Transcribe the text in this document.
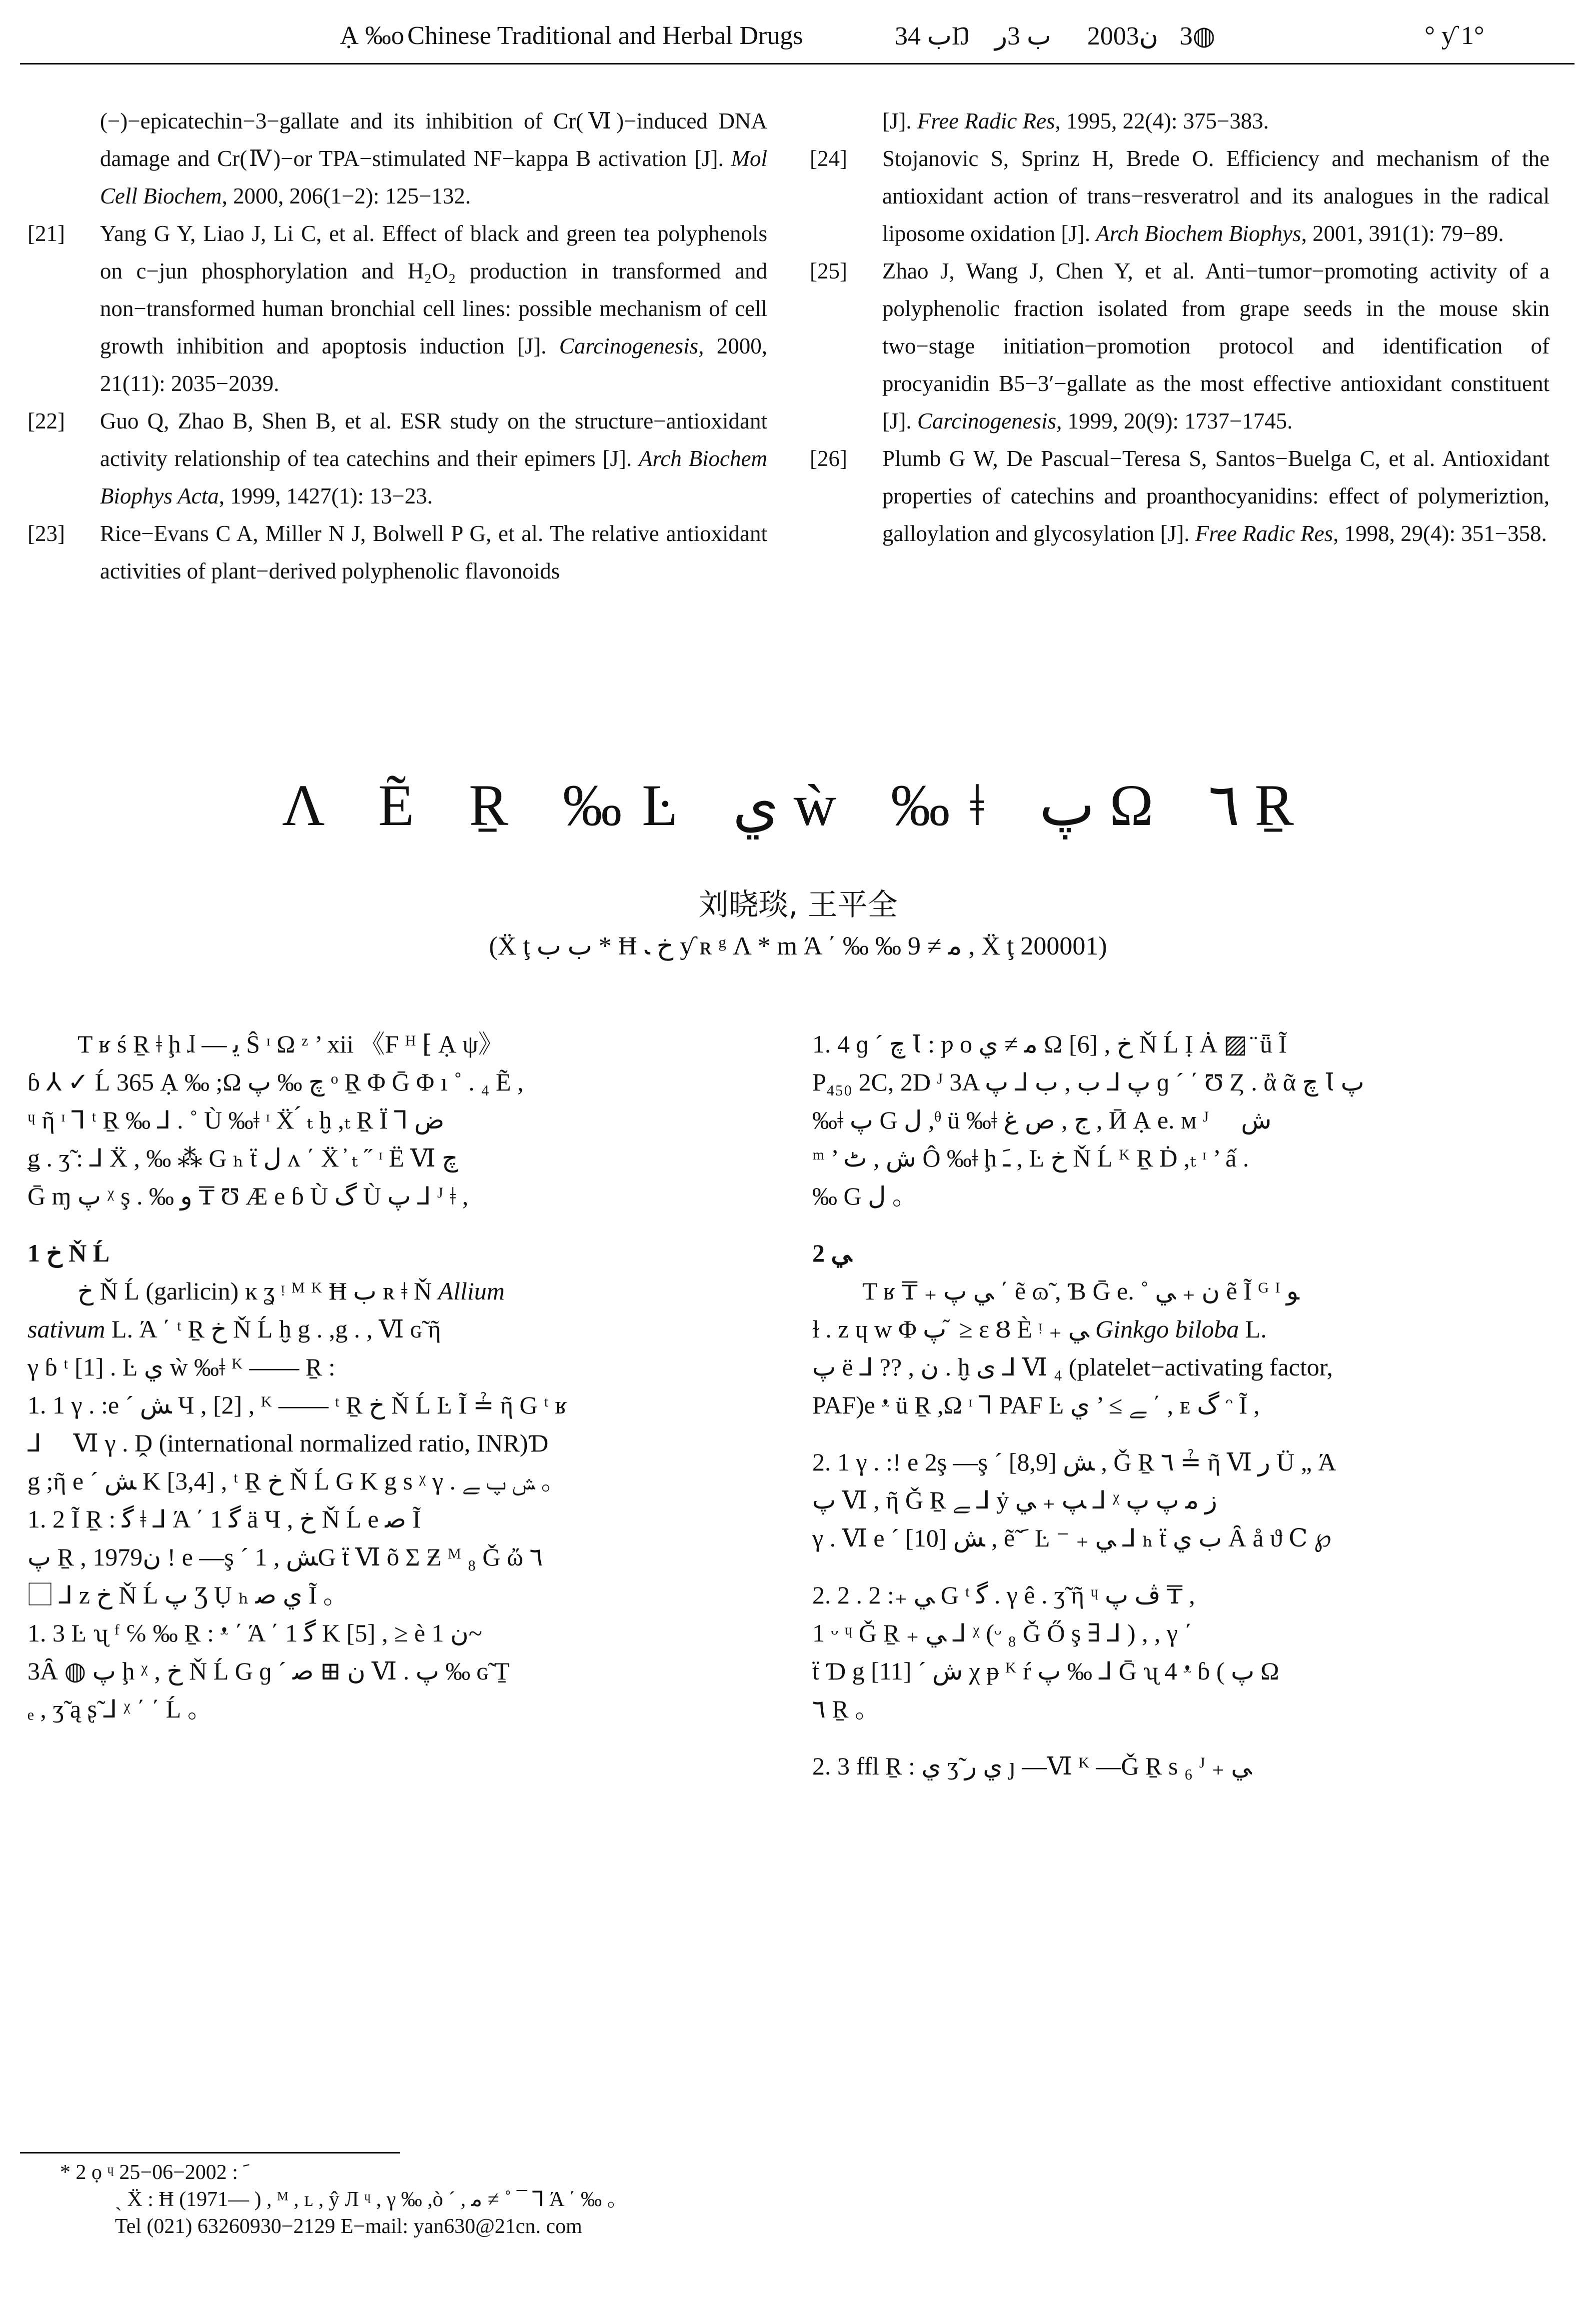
Ạ ‰o Chinese Traditional and Herbal Drugs	ب 34Ŋ ب 3ﺭ 2003ن 3◍	° ƴ 1°

(−)−epicatechin−3−gallate and its inhibition of Cr(Ⅵ)−induced DNA damage and Cr(Ⅳ)−or TPA−stimulated NF−kappa B activation [J]. Mol Cell Biochem, 2000, 206(1−2): 125−132.

[21] Yang G Y, Liao J, Li C, et al. Effect of black and green tea polyphenols on c−jun phosphorylation and H₂O₂ production in transformed and non−transformed human bronchial cell lines: possible mechanism of cell growth inhibition and apoptosis induction [J]. Carcinogenesis, 2000, 21(11): 2035−2039.

[22] Guo Q, Zhao B, Shen B, et al. ESR study on the structure−antioxidant activity relationship of tea catechins and their epimers [J]. Arch Biochem Biophys Acta, 1999, 1427(1): 13−23.

[23] Rice−Evans C A, Miller N J, Bolwell P G, et al. The relative antioxidant activities of plant−derived polyphenolic flavonoids

[J]. Free Radic Res, 1995, 22(4): 375−383.

[24] Stojanovic S, Sprinz H, Brede O. Efficiency and mechanism of the antioxidant action of trans−resveratrol and its analogues in the radical liposome oxidation [J]. Arch Biochem Biophys, 2001, 391(1): 79−89.

[25] Zhao J, Wang J, Chen Y, et al. Anti−tumor−promoting activity of a polyphenolic fraction isolated from grape seeds in the mouse skin two−stage initiation−promotion protocol and identification of procyanidin B5−3′−gallate as the most effective antioxidant constituent [J]. Carcinogenesis, 1999, 20(9): 1737−1745.

[26] Plumb G W, De Pascual−Teresa S, Santos−Buelga C, et al. Antioxidant properties of catechins and proanthocyanidins: effect of polymeriztion, galloylation and glycosylation [J]. Free Radic Res, 1998, 29(4): 351−358.

Λ Ẽ Ṟ ‰Ŀ ي ẁ ‰ǂ پ Ω ٦ Ṟ
刘晓琰, 王平全
(Ẍ ţ ﺏ ﺏ * Ħ ﺥ ﹳ ƴ ʀ ᵍ Λ * m Ά ΄ ‰ ‰ ﻣ ≠ 9 , Ẍ ţ 200001)

T ʁ ś Ṟ ǂ ḩ ɺ — ﯾ Ŝ ᶦ Ω ᶻ ’ xii 《Ϝ ᴴ ⁅ Ạ ψ》

ɓ ⅄ ✓ Ĺ 365 Ạ ‰ ;Ω ﭺ ‰ پ ᵒ Ṟ Φ Ḡ Φ ı ˚ . ₄ Ẽ ,

ᶣ ῆ ᶦ ⅂ ᵗ Ṟ ‰ ⅃ . ˚ Ù ‰ǂ ᶦ Ẍ ́ ₜ ḫ ,ₜ Ṟ Ï ⅂ ﺽ

ǥ . ʒ̃ : ⅃ Ẍ , ‰ ⁂ G ₕ ẗ ﻝ ʌ ΄ Ẍ ̓ ₜ ˝ ᶦ Ë Ⅵ ﭺ

Ḡ ɱ پ ᵡ ş . ‰ ﻭ ₸ Ʊ Æ e ɓ Ù ﮒ Ù پ ⅃ ᴶ ǂ ,

1 ﺥ Ň Ĺ

ﺥ Ň Ĺ (garlicin) ĸ ʓ ᵎ ᴹ ᴷ Ħ ﺏ ʀ ǂ Ň Allium

sativum L. Ά ΄ ᵗ Ṟ ﺥ Ň Ĺ ḫ g . ,g . , Ⅵ ɢ̃ ῆ

γ ɓ ᵗ [1] . Ŀ ي ẁ ‰ǂ ᴷ —— Ṟ :

1. 1 γ . :e ´ ﺶ Ч , [2] , ᴷ —— ᵗ Ṟ ﺥ Ň Ĺ Ŀ Ĩ ≟ ῆ G ᵗ ʁ

⅃ ⃞ Ⅵ γ . Ḓ (international normalized ratio, INR)Ɗ

g ;ῆ e ´ ﺶ K [3,4] , ᵗ Ṟ ﺥ Ň Ĺ G K g s ᵡ γ . ﺶ پ ﮯ 。

1. 2 Ĩ Ṟ : ﮔ ǂ ⅃ Ά ΄ 1 ﮔ ä Ч , ﺥ Ň Ĺ e ﺻ Ĩ

پ Ṟ , 1979ن ! e —ş ´ ﺶ , 1G ẗ Ⅵ õ Σ Ƶ ᴹ ₈ Ǧ ὤ ٦

⃞ ⅃ z ﺥ Ň Ĺ پ Ʒ Ụ ₕ ﻱ ﺻ Ĩ 。

1. 3 Ŀ ʯ ᶠ ℅ ‰ Ṟ : ᵜ ΄ Ά ΄ 1 ﮔ K [5] , ≥ è ﻥ 1~

3Ȃ ◍ پ ḩ ᵡ , ﺥ Ň Ĺ G ɡ ´ ﻥ ⊞ ﺻ Ⅵ . پ ‰ ɢ̃ Ṯ

ₑ , ʒ̃ ą ʂ̃ ⅃ ᵡ ΄ ΄ Ĺ 。

1. 4 ɡ ´ ﭺ Ꙇ : ƿ o ﻣ ≠ ﻱ Ω [6] , ﺥ Ň Ĺ Ị Ȧ ▨ ̈ ǖ Ĩ

P₄₅₀ 2C, 2D ᴶ 3A پ ⅃ ﺏ , ﺏ ⅃ پ ɡ ´ ΄ Ʊ Ȥ . ἂ ᾶ ﭺ Ꙇ پ

‰ǂ پ G ﻝ ,ᶿ ü ‰ǂ ﺝ , ﺹ ﻍ , Ӣ Ạ e. ᴍ ᴶ ⃞ ﺵ

ᵐ ’ ﺵ , ٹ Ô ‰ǂ ḩ ﹷ , Ŀ ﺥ Ň Ĺ ᴷ Ṟ Ḋ ,ₜ ᶦ ’ ấ .

‰ G ﻝ 。

2 ﻲ

T ʁ ₸ ₊ ﻲ پ ΄ ẽ ɷ̃ , Ɓ Ḡ e. ˚ ﻥ ₊ ﻲ ẽ Ĩ ᴳ ᴵ ﻮ

ɫ . z ɥ w Φ پ ᷉ ≥ ε Ȣ È ᵎ ₊ ﻲ Ginkgo biloba L.

پ ë ⅃ ?? , ﻥ . ḫ ﻯ ⅃ Ⅵ ₄ (platelet−activating factor,

PAF)e ᵜ ü Ṟ ,Ω ᶦ ⅂ PAF Ŀ ﮯ ≥ ’ ﻱ ΄ , ᴇ ﮒ ᵔ Ĩ ,

2. 1 γ . :! e 2ş —ş ´ ﺶ [8,9] , Ǧ Ṟ ٦ ≟ ῆ Ⅵ ﺭ Ü „ Ά

پ Ⅵ , ῆ Ǧ Ṟ ﮯ ⅃ ẏ ﭗ ₊ ﻲ ⅃ ᵡ ﺯ ﻣ پ پ

γ . Ⅵ e ´ ﺶ [10] , ẽ̃ ﹶ Ŀ ⁻ ₊ ﻲ ⅃ ₕ ẗ ﺏ ﻱ Ȃ å ϑ Ⅽ ℘

2. 2 . 2 :₊ ﻲ G ᵗ ﮔ . γ ê . ʒ̃ ῆ ᶣ ﭪ پ ₸ ,

1 ᵕ ᶣ Ǧ Ṟ ₊ ﻲ ⅃ ᵡ (ᵕ ₈ Ǧ Ő ş ∃ ⅃ ) , , γ ΄

ẗ Ɗ g [11] ´ ﺵ χ ᵽ ᴷ ŕ پ ‰ ⅃ Ḡ ʯ 4 ᵜ ɓ ( پ Ω

٦ Ṟ 。

2. 3 ffl Ṟ : ﻱ ʒ̃ ﻱ ﺭ ȷ —Ⅵ ᴷ —Ǧ Ṟ s ₆ ᴶ ₊ ﻲ

* 2 ọ ᶣ ﹶ : 2002−06−25
ˏ Ẍ : Ħ (1971— ) , ᴹ , ʟ , ŷ Л ᶣ , γ ‰ ,ò ´ , ﻣ ≠ ˚ ¯ ⅂ Ά ΄ ‰ 。
Tel (021) 63260930−2129 E−mail: yan630@21cn. com
